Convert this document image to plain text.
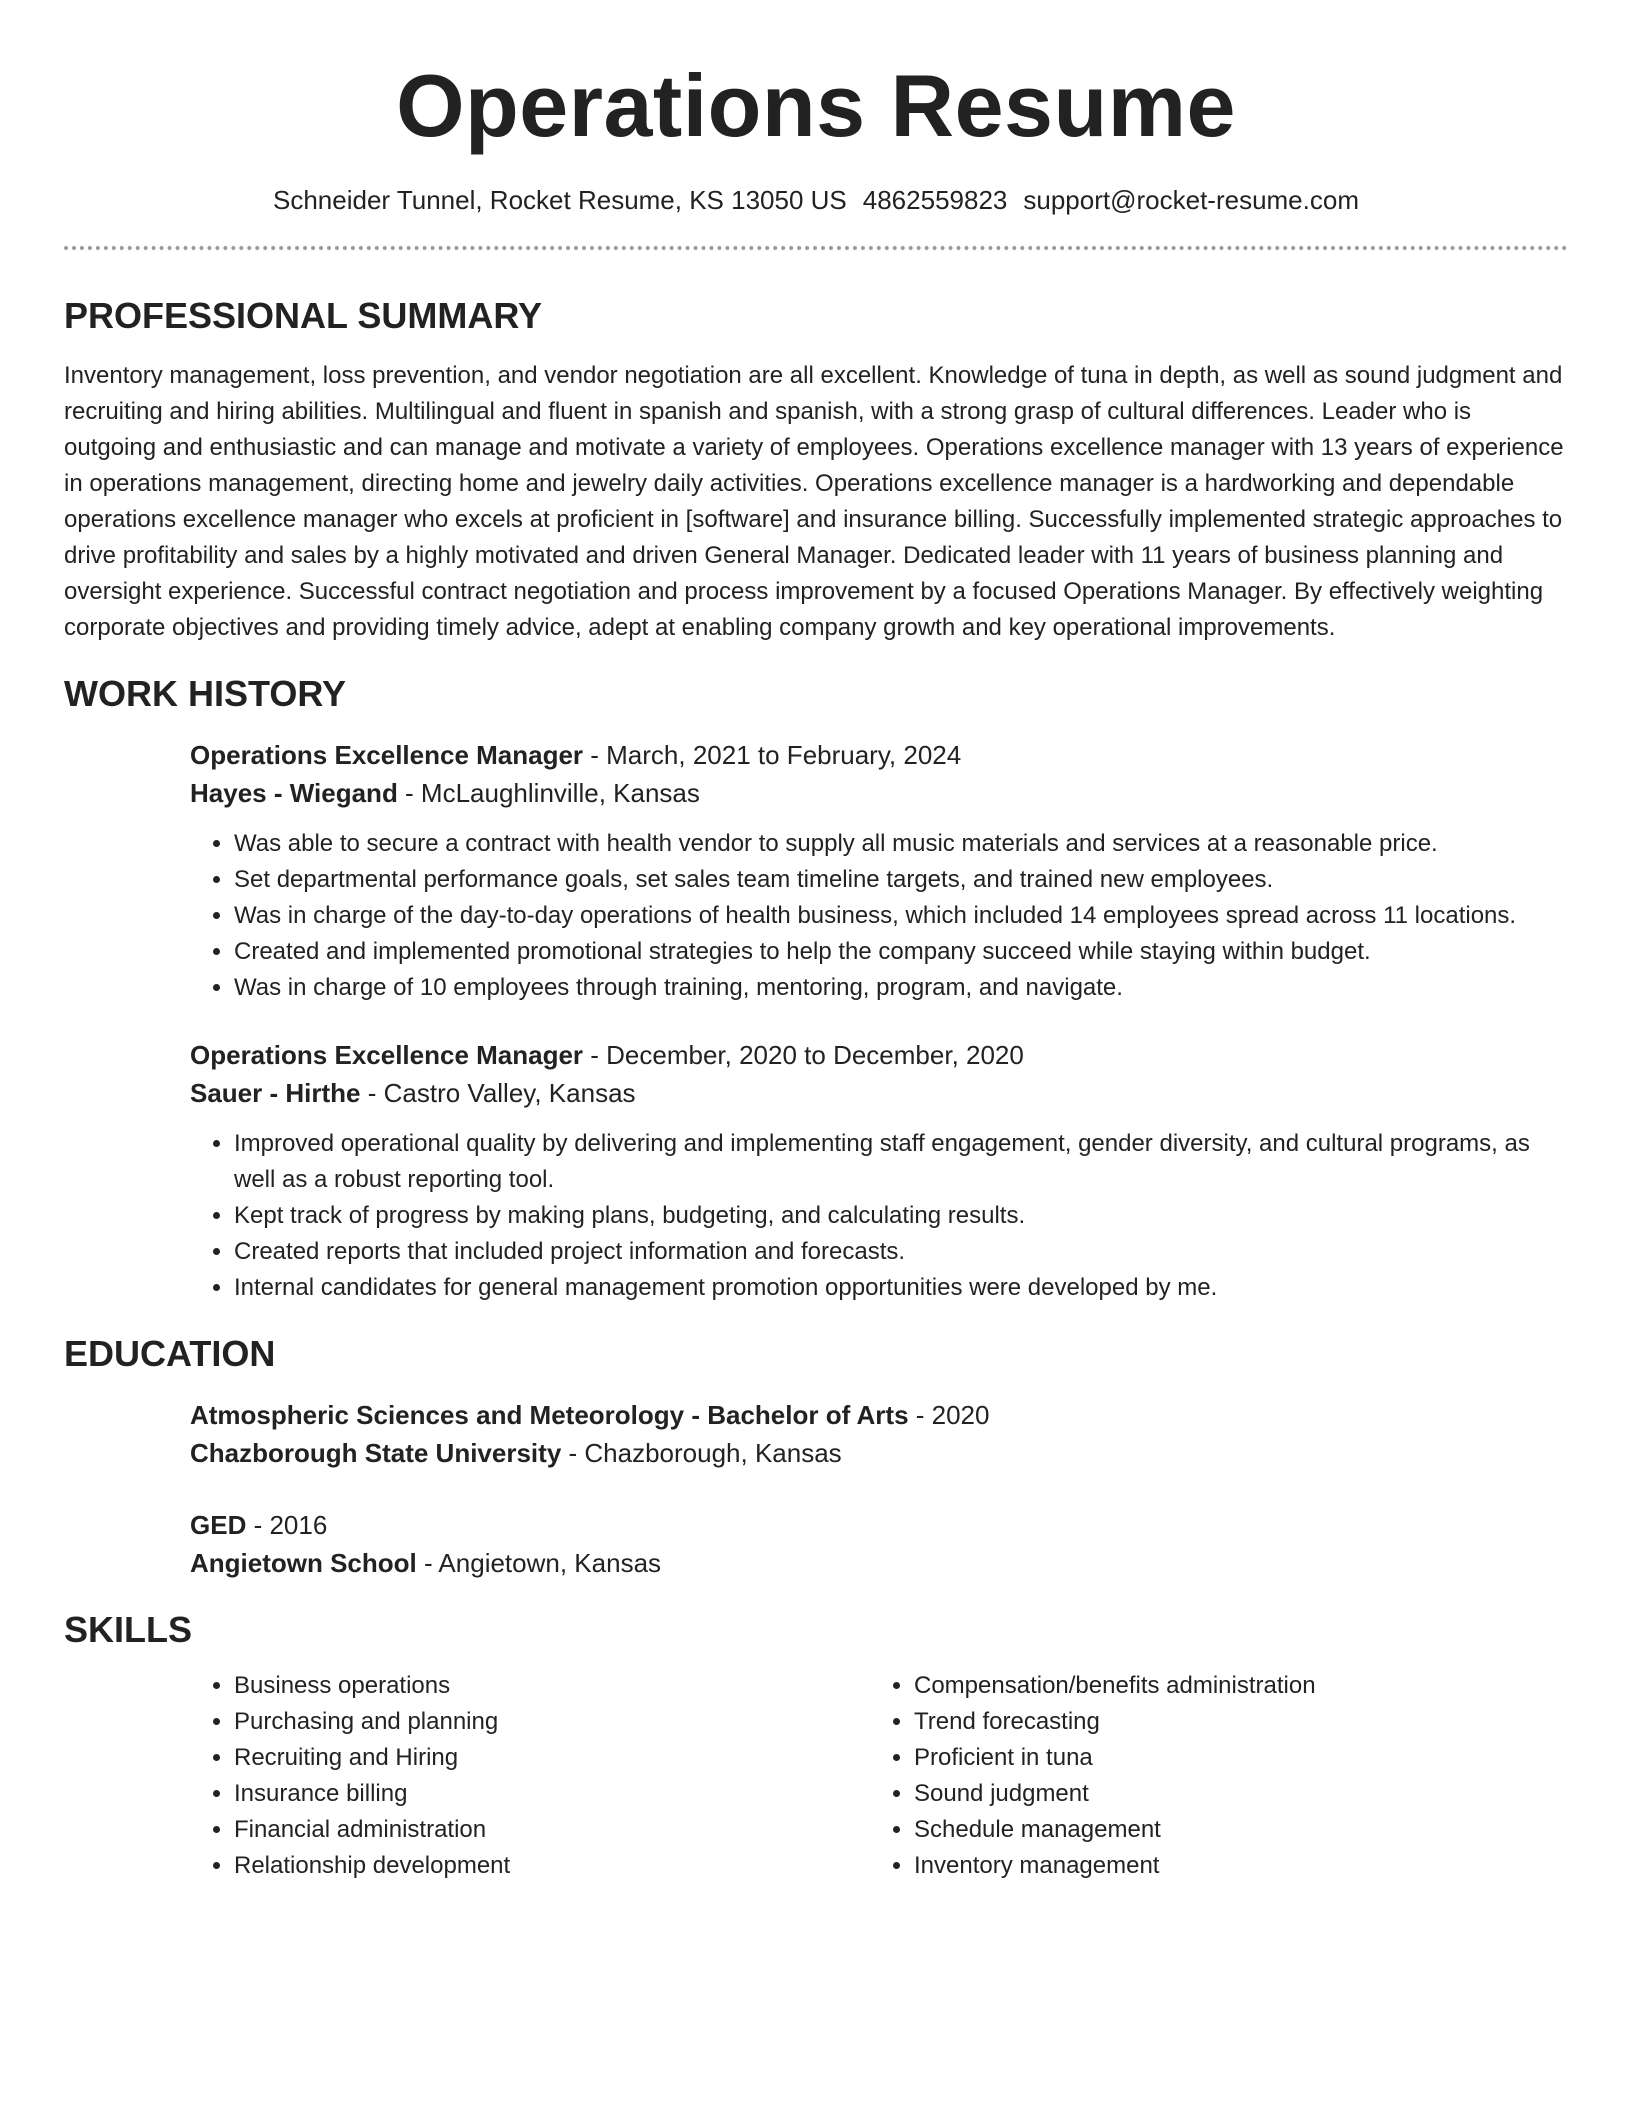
Operations Resume
Schneider Tunnel, Rocket Resume, KS 13050 US 4862559823 support@rocket-resume.com
PROFESSIONAL SUMMARY

Inventory management, loss prevention, and vendor negotiation are all excellent. Knowledge of tuna in depth, as well as sound judgment and recruiting and hiring abilities. Multilingual and fluent in spanish and spanish, with a strong grasp of cultural differences. Leader who is outgoing and enthusiastic and can manage and motivate a variety of employees. Operations excellence manager with 13 years of experience in operations management, directing home and jewelry daily activities. Operations excellence manager is a hardworking and dependable operations excellence manager who excels at proficient in [software] and insurance billing. Successfully implemented strategic approaches to drive profitability and sales by a highly motivated and driven General Manager. Dedicated leader with 11 years of business planning and oversight experience. Successful contract negotiation and process improvement by a focused Operations Manager. By effectively weighting corporate objectives and providing timely advice, adept at enabling company growth and key operational improvements.

WORK HISTORY
Operations Excellence Manager - March, 2021 to February, 2024
Hayes - Wiegand - McLaughlinville, Kansas
• Was able to secure a contract with health vendor to supply all music materials and services at a reasonable price.
• Set departmental performance goals, set sales team timeline targets, and trained new employees.
• Was in charge of the day-to-day operations of health business, which included 14 employees spread across 11 locations.
• Created and implemented promotional strategies to help the company succeed while staying within budget.
• Was in charge of 10 employees through training, mentoring, program, and navigate.
Operations Excellence Manager - December, 2020 to December, 2020
Sauer - Hirthe - Castro Valley, Kansas
• Improved operational quality by delivering and implementing staff engagement, gender diversity, and cultural programs, as well as a robust reporting tool.
• Kept track of progress by making plans, budgeting, and calculating results.
• Created reports that included project information and forecasts.
• Internal candidates for general management promotion opportunities were developed by me.
EDUCATION
Atmospheric Sciences and Meteorology - Bachelor of Arts - 2020
Chazborough State University - Chazborough, Kansas
GED - 2016
Angietown School - Angietown, Kansas
SKILLS
• Business operations
• Purchasing and planning
• Recruiting and Hiring
• Insurance billing
• Financial administration
• Relationship development
• Compensation/benefits administration
• Trend forecasting
• Proficient in tuna
• Sound judgment
• Schedule management
• Inventory management
